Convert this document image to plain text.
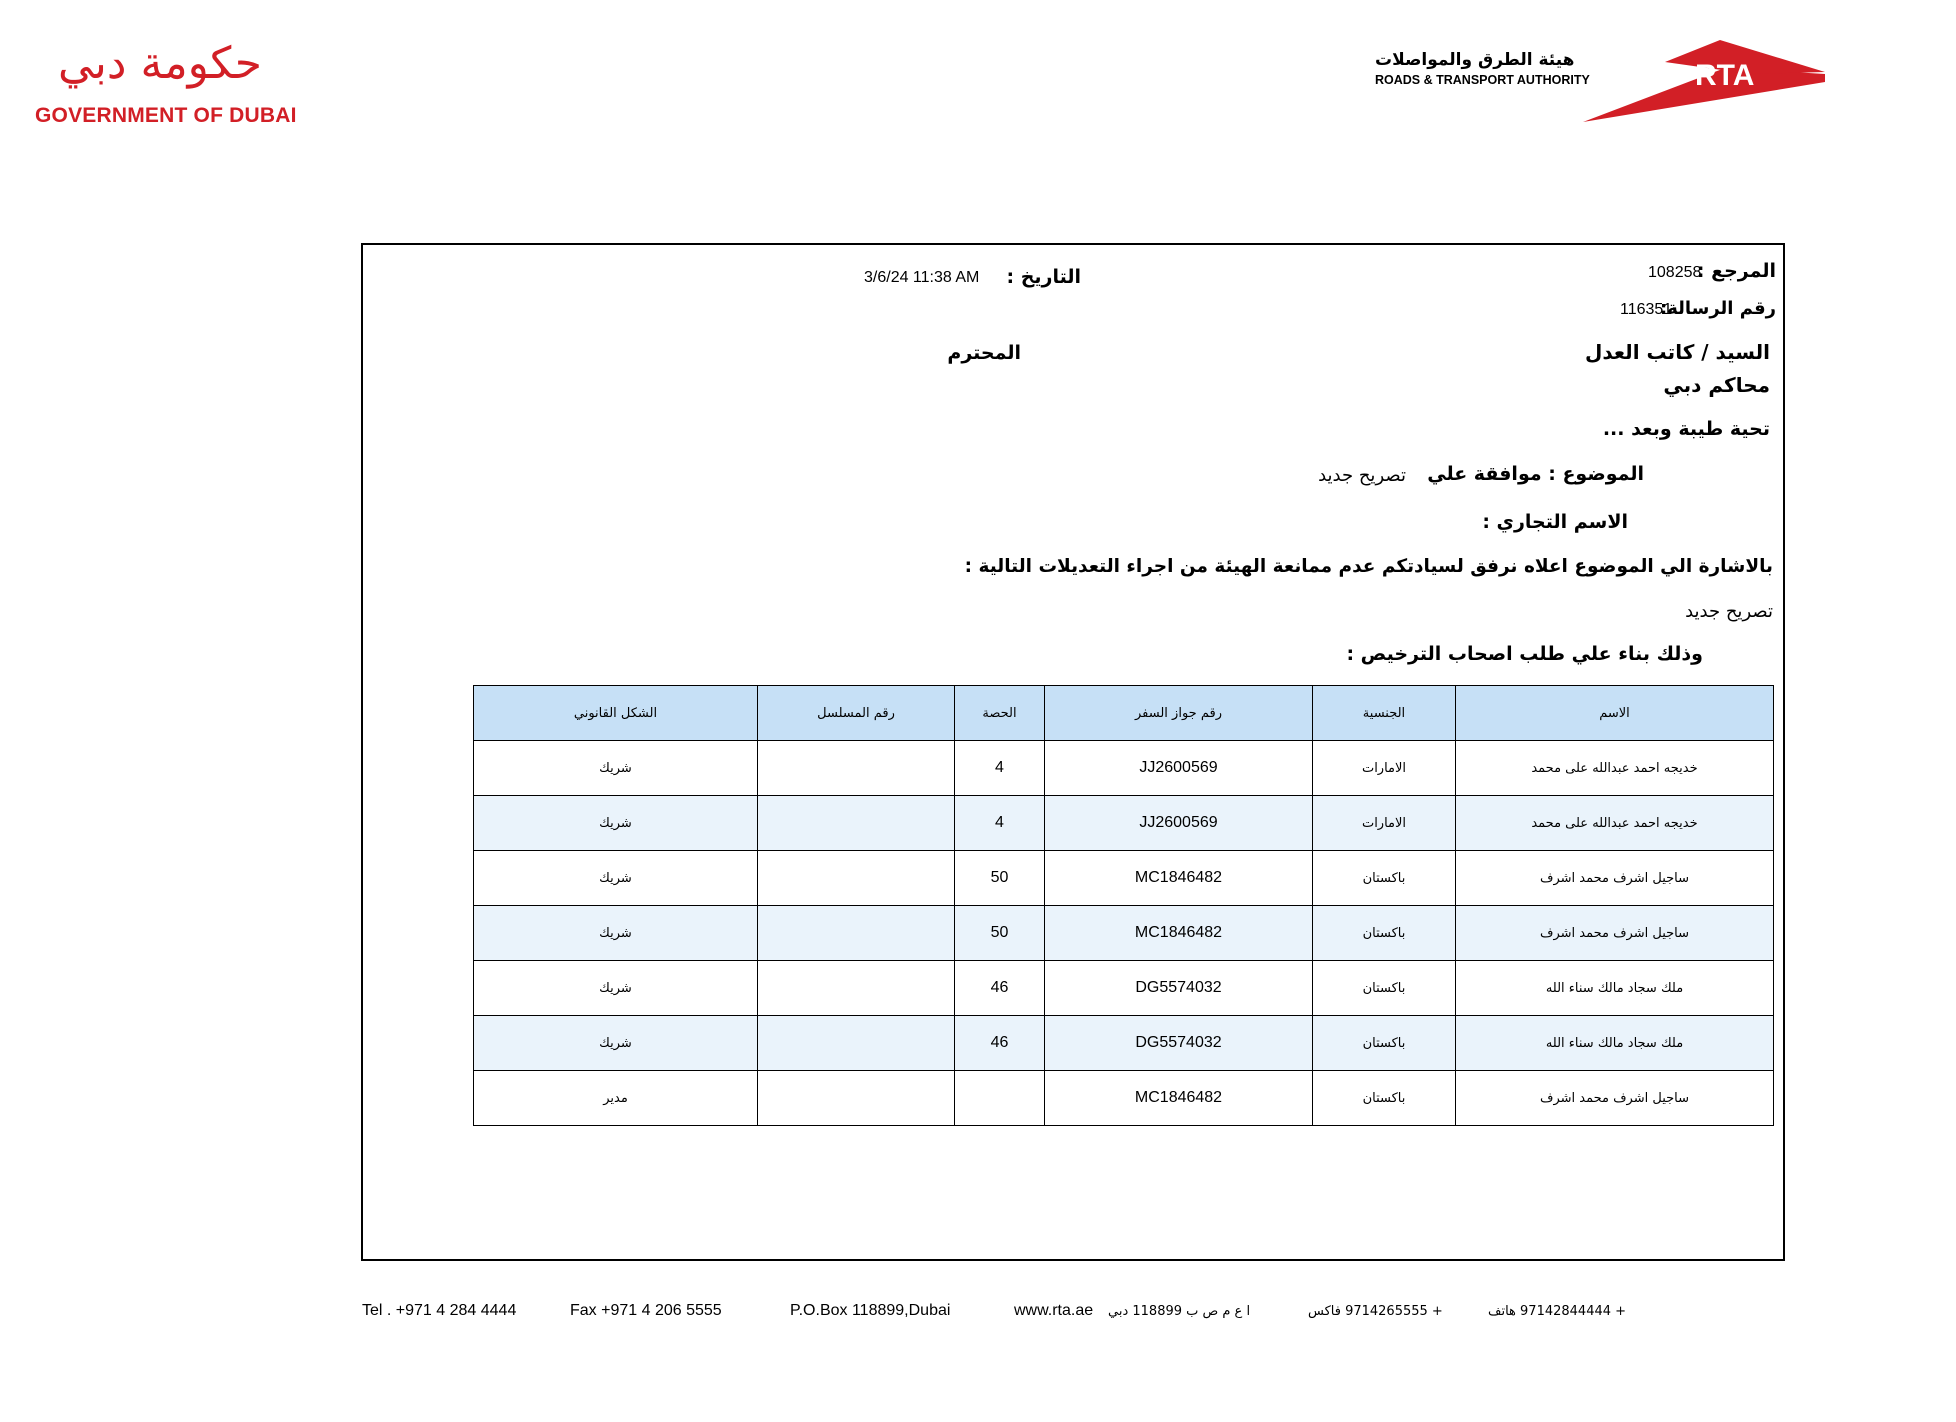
حكومة دبي
GOVERNMENT OF DUBAI
هيئة الطرق والمواصلات
ROADS & TRANSPORT AUTHORITY	RTA
المرجع :
108258
رقم الرسالة:
116351
التاريخ :
3/6/24 11:38 AM
السيد / كاتب العدل
المحترم
محاكم دبي
تحية طيبة وبعد ...
الموضوع : موافقة علي
تصريح جديد
الاسم التجاري :
بالاشارة الي الموضوع اعلاه نرفق لسيادتكم عدم ممانعة الهيئة من اجراء التعديلات التالية :
تصريح جديد
وذلك بناء علي طلب اصحاب الترخيص :
الاسم	الجنسية	رقم جواز السفر	الحصة	رقم المسلسل	الشكل القانوني
خديجه احمد عبدالله على محمد	الامارات	JJ2600569	4		شريك
خديجه احمد عبدالله على محمد	الامارات	JJ2600569	4		شريك
ساجيل اشرف محمد اشرف	باكستان	MC1846482	50		شريك
ساجيل اشرف محمد اشرف	باكستان	MC1846482	50		شريك
ملك سجاد مالك سناء الله	باكستان	DG5574032	46		شريك
ملك سجاد مالك سناء الله	باكستان	DG5574032	46		شريك
ساجيل اشرف محمد اشرف	باكستان	MC1846482			مدير
Tel . +971 4 284 4444	Fax +971 4 206 5555	P.O.Box 118899,Dubai	www.rta.ae ا ع م ص ب 118899 دبي	+ 9714265555 فاكس	+ 97142844444 هاتف
